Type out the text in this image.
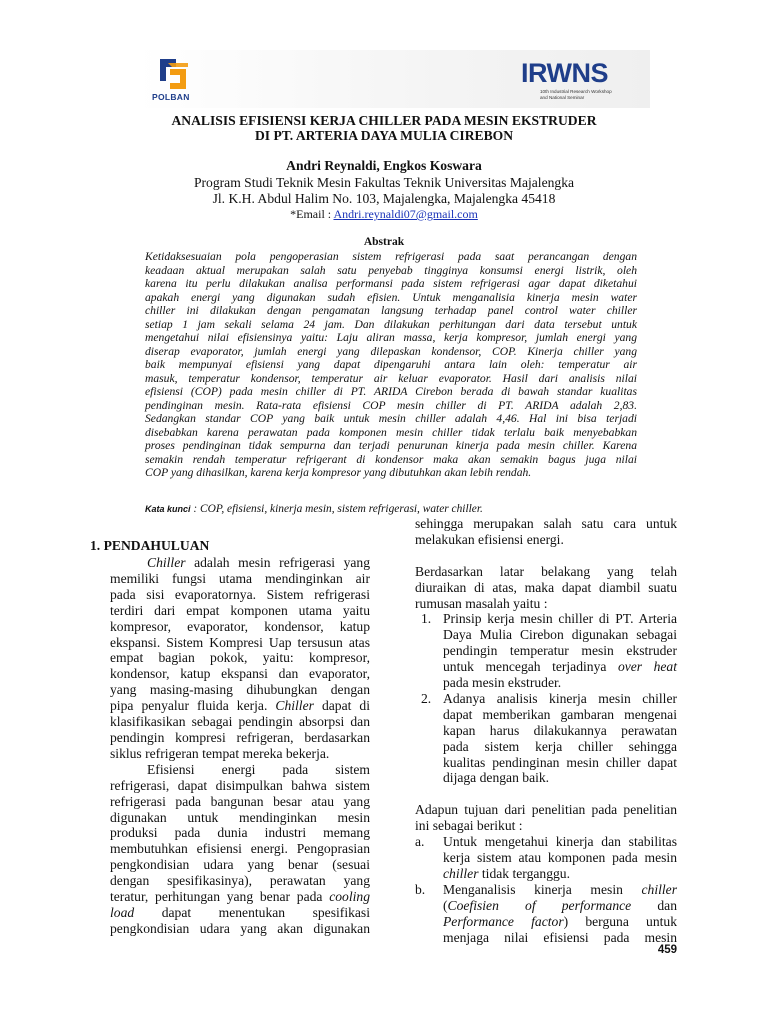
POLBAN
IRWNS
10th Industrial Research Workshop
and National Seminar
ANALISIS EFISIENSI KERJA CHILLER PADA MESIN EKSTRUDER
DI PT. ARTERIA DAYA MULIA CIREBON
Andri Reynaldi, Engkos Koswara
Program Studi Teknik Mesin Fakultas Teknik Universitas Majalengka
Jl. K.H. Abdul Halim No. 103, Majalengka, Majalengka 45418
*Email : Andri.reynaldi07@gmail.com
Abstrak
Ketidaksesuaian pola pengoperasian sistem refrigerasi pada saat perancangan dengan
keadaan aktual merupakan salah satu penyebab tingginya konsumsi energi listrik, oleh
karena itu perlu dilakukan analisa performansi pada sistem refrigerasi agar dapat diketahui
apakah energi yang digunakan sudah efisien. Untuk menganalisia kinerja mesin water
chiller ini dilakukan dengan pengamatan langsung terhadap panel control water chiller
setiap 1 jam sekali selama 24 jam. Dan dilakukan perhitungan dari data tersebut untuk
mengetahui nilai efisiensinya yaitu: Laju aliran massa, kerja kompresor, jumlah energi yang
diserap evaporator, jumlah energi yang dilepaskan kondensor, COP. Kinerja chiller yang
baik mempunyai efisiensi yang dapat dipengaruhi antara lain oleh: temperatur air
masuk, temperatur kondensor, temperatur air keluar evaporator. Hasil dari analisis nilai
efisiensi (COP) pada mesin chiller di PT. ARIDA Cirebon berada di bawah standar kualitas
pendinginan mesin. Rata-rata efisiensi COP mesin chiller di PT. ARIDA adalah 2,83.
Sedangkan standar COP yang baik untuk mesin chiller adalah 4,46. Hal ini bisa terjadi
disebabkan karena perawatan pada komponen mesin chiller tidak terlalu baik menyebabkan
proses pendinginan tidak sempurna dan terjadi penurunan kinerja pada mesin chiller. Karena
semakin rendah temperatur refrigerant di kondensor maka akan semakin bagus juga nilai
COP yang dihasilkan, karena kerja kompresor yang dibutuhkan akan lebih rendah.
Kata kunci : COP, efisiensi, kinerja mesin, sistem refrigerasi, water chiller.
1. PENDAHULUAN
Chiller adalah mesin refrigerasi yang
memiliki fungsi utama mendinginkan air
pada sisi evaporatornya. Sistem refrigerasi
terdiri dari empat komponen utama yaitu
kompresor, evaporator, kondensor, katup
ekspansi. Sistem Kompresi Uap tersusun atas
empat bagian pokok, yaitu: kompresor,
kondensor, katup ekspansi dan evaporator,
yang masing-masing dihubungkan dengan
pipa penyalur fluida kerja. Chiller dapat di
klasifikasikan sebagai pendingin absorpsi dan
pendingin kompresi refrigeran, berdasarkan
siklus refrigeran tempat mereka bekerja.
Efisiensi energi pada sistem
refrigerasi, dapat disimpulkan bahwa sistem
refrigerasi pada bangunan besar atau yang
digunakan untuk mendinginkan mesin
produksi pada dunia industri memang
membutuhkan efisiensi energi. Pengoprasian
pengkondisian udara yang benar (sesuai
dengan spesifikasinya), perawatan yang
teratur, perhitungan yang benar pada cooling
load dapat menentukan spesifikasi
pengkondisian udara yang akan digunakan
sehingga merupakan salah satu cara untuk
melakukan efisiensi energi.
Berdasarkan latar belakang yang telah
diuraikan di atas, maka dapat diambil suatu
rumusan masalah yaitu :
1. Prinsip kerja mesin chiller di PT. Arteria
Daya Mulia Cirebon digunakan sebagai
pendingin temperatur mesin ekstruder
untuk mencegah terjadinya over heat
pada mesin ekstruder.
2. Adanya analisis kinerja mesin chiller
dapat memberikan gambaran mengenai
kapan harus dilakukannya perawatan
pada sistem kerja chiller sehingga
kualitas pendinginan mesin chiller dapat
dijaga dengan baik.
Adapun tujuan dari penelitian pada penelitian
ini sebagai berikut :
a. Untuk mengetahui kinerja dan stabilitas
kerja sistem atau komponen pada mesin
chiller tidak terganggu.
b. Menganalisis kinerja mesin chiller
(Coefisien of performance dan
Performance factor) berguna untuk
menjaga nilai efisiensi pada mesin
459
